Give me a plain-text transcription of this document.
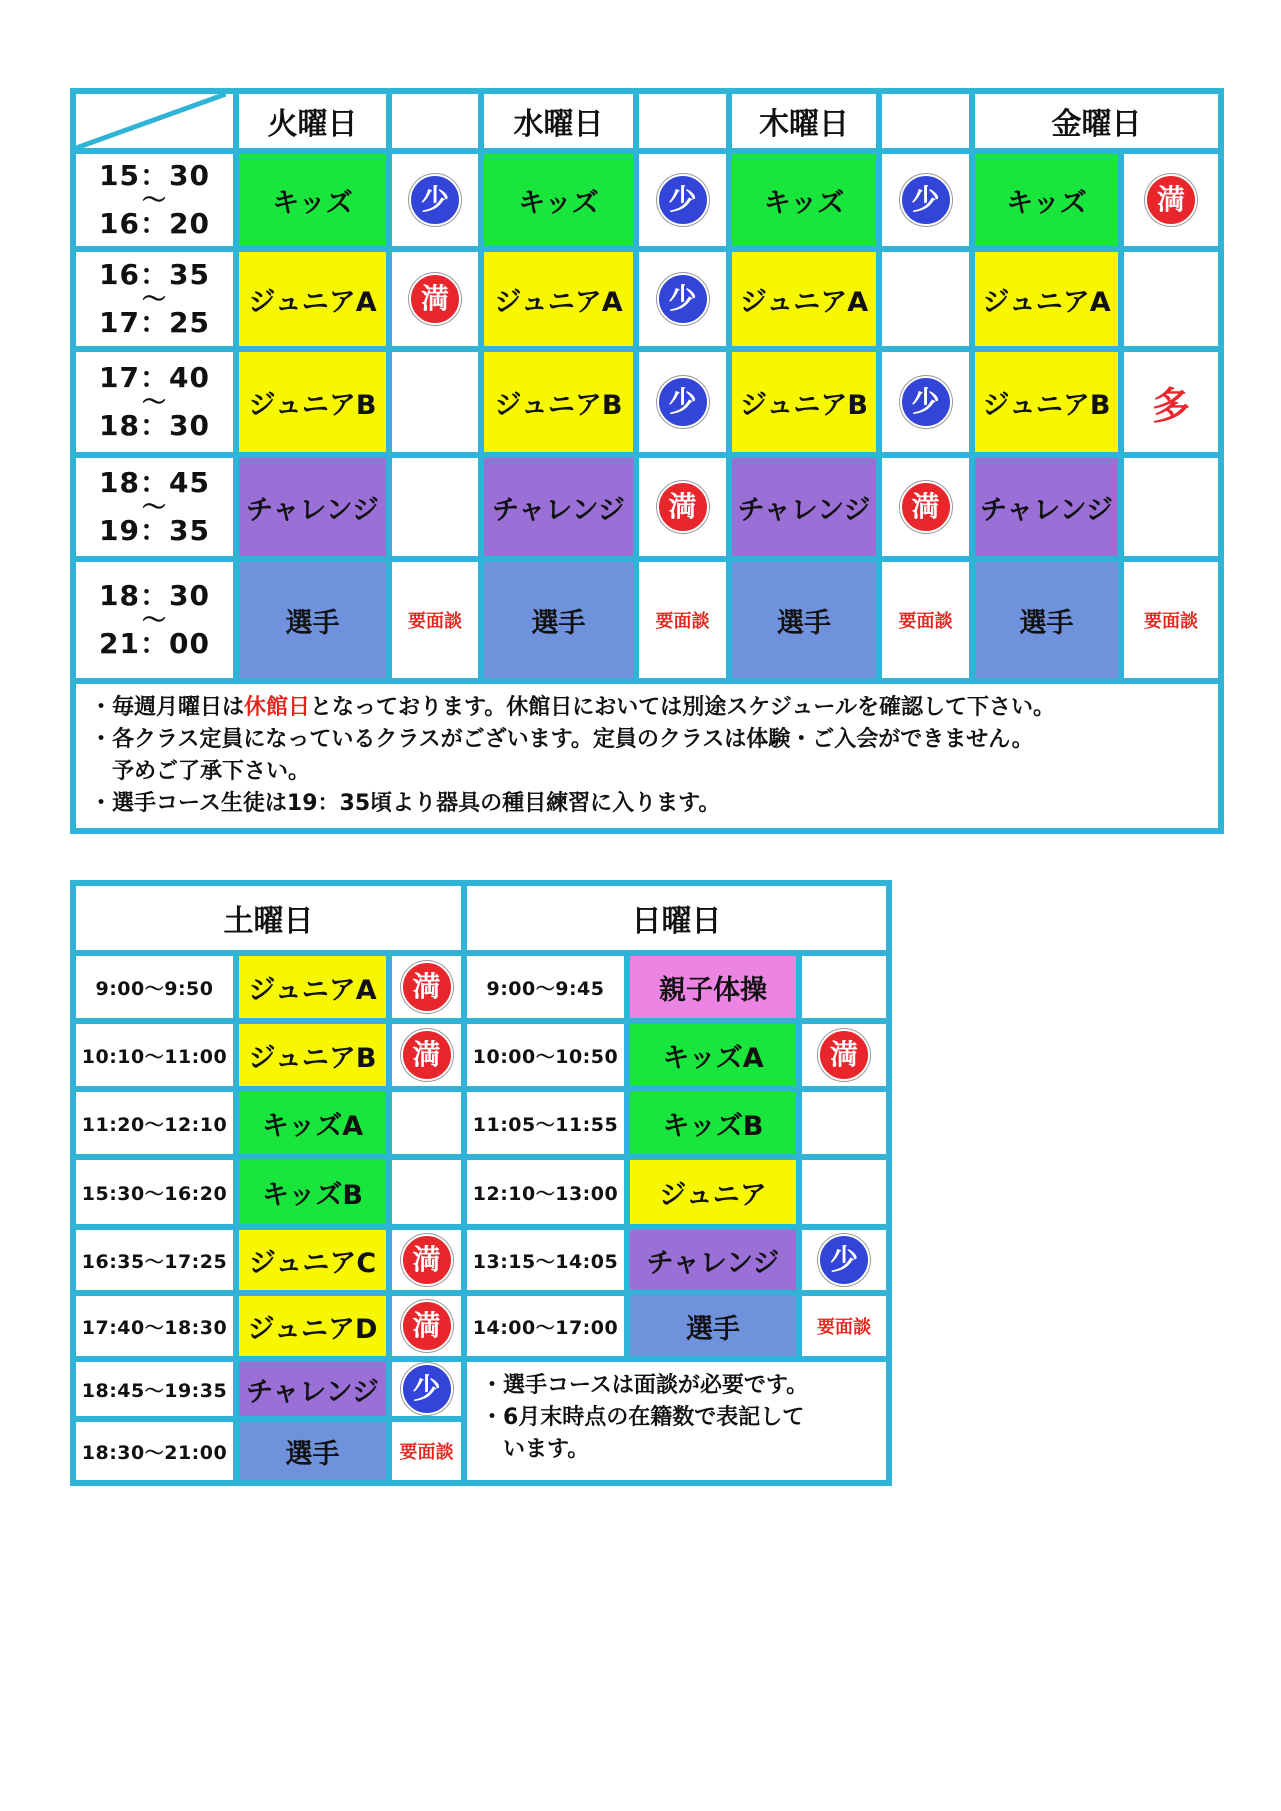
	火曜日		水曜日		木曜日		金曜日	

15：30
～
16：20	キッズ	少	キッズ	少	キッズ	少	キッズ	満

16：35
～
17：25	ジュニアA	満	ジュニアA	少	ジュニアA		ジュニアA	

17：40
～
18：30	ジュニアB		ジュニアB	少	ジュニアB	少	ジュニアB	多

18：45
～
19：35	チャレンジ		チャレンジ	満	チャレンジ	満	チャレンジ	

18：30
～
21：00	選手	要面談	選手	要面談	選手	要面談	選手	要面談

・毎週月曜日は休館日となっております。休館日においては別途スケジュールを確認して下さい。
・各クラス定員になっているクラスがございます。定員のクラスは体験・ご入会ができません。
予めご了承下さい。
・選手コース生徒は19：35頃より器具の種目練習に入ります。								
土曜日			日曜日		
9:00～9:50	ジュニアA	満	9:00～9:45	親子体操	
10:10～11:00	ジュニアB	満	10:00～10:50	キッズA	満
11:20～12:10	キッズA		11:05～11:55	キッズB	
15:30～16:20	キッズB		12:10～13:00	ジュニア	
16:35～17:25	ジュニアC	満	13:15～14:05	チャレンジ	少
17:40～18:30	ジュニアD	満	14:00～17:00	選手	要面談
18:45～19:35	チャレンジ	少	・選手コースは面談が必要です。
・6月末時点の在籍数で表記して
います。		

18:30～21:00	選手	要面談			
